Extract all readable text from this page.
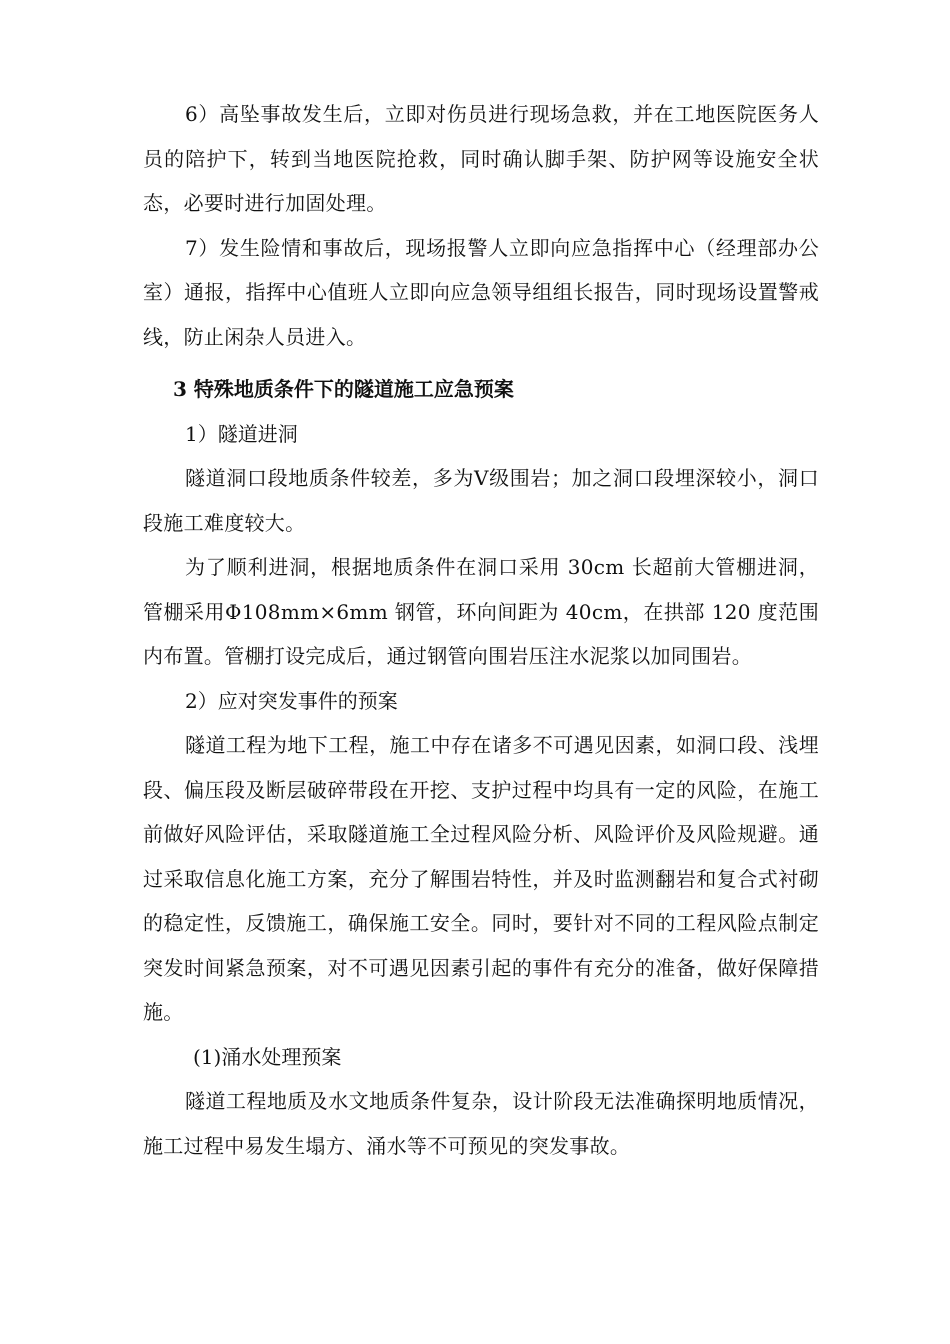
6）高坠事故发生后，立即对伤员进行现场急救，并在工地医院医务人员的陪护下，转到当地医院抢救，同时确认脚手架、防护网等设施安全状态，必要时进行加固处理。

7）发生险情和事故后，现场报警人立即向应急指挥中心（经理部办公室）通报，指挥中心值班人立即向应急领导组组长报告，同时现场设置警戒线，防止闲杂人员进入。

3 特殊地质条件下的隧道施工应急预案

1）隧道进洞

隧道洞口段地质条件较差，多为Ⅴ级围岩；加之洞口段埋深较小，洞口段施工难度较大。

为了顺利进洞，根据地质条件在洞口采用 30cm 长超前大管棚进洞，管棚采用Φ108mm×6mm 钢管，环向间距为 40cm，在拱部 120 度范围内布置。管棚打设完成后，通过钢管向围岩压注水泥浆以加同围岩。

2）应对突发事件的预案

隧道工程为地下工程，施工中存在诸多不可遇见因素，如洞口段、浅埋段、偏压段及断层破碎带段在开挖、支护过程中均具有一定的风险，在施工前做好风险评估，采取隧道施工全过程风险分析、风险评价及风险规避。通过采取信息化施工方案，充分了解围岩特性，并及时监测翻岩和复合式衬砌的稳定性，反馈施工，确保施工安全。同时，要针对不同的工程风险点制定突发时间紧急预案，对不可遇见因素引起的事件有充分的准备，做好保障措施。

(1)涌水处理预案

隧道工程地质及水文地质条件复杂，设计阶段无法准确探明地质情况，施工过程中易发生塌方、涌水等不可预见的突发事故。
